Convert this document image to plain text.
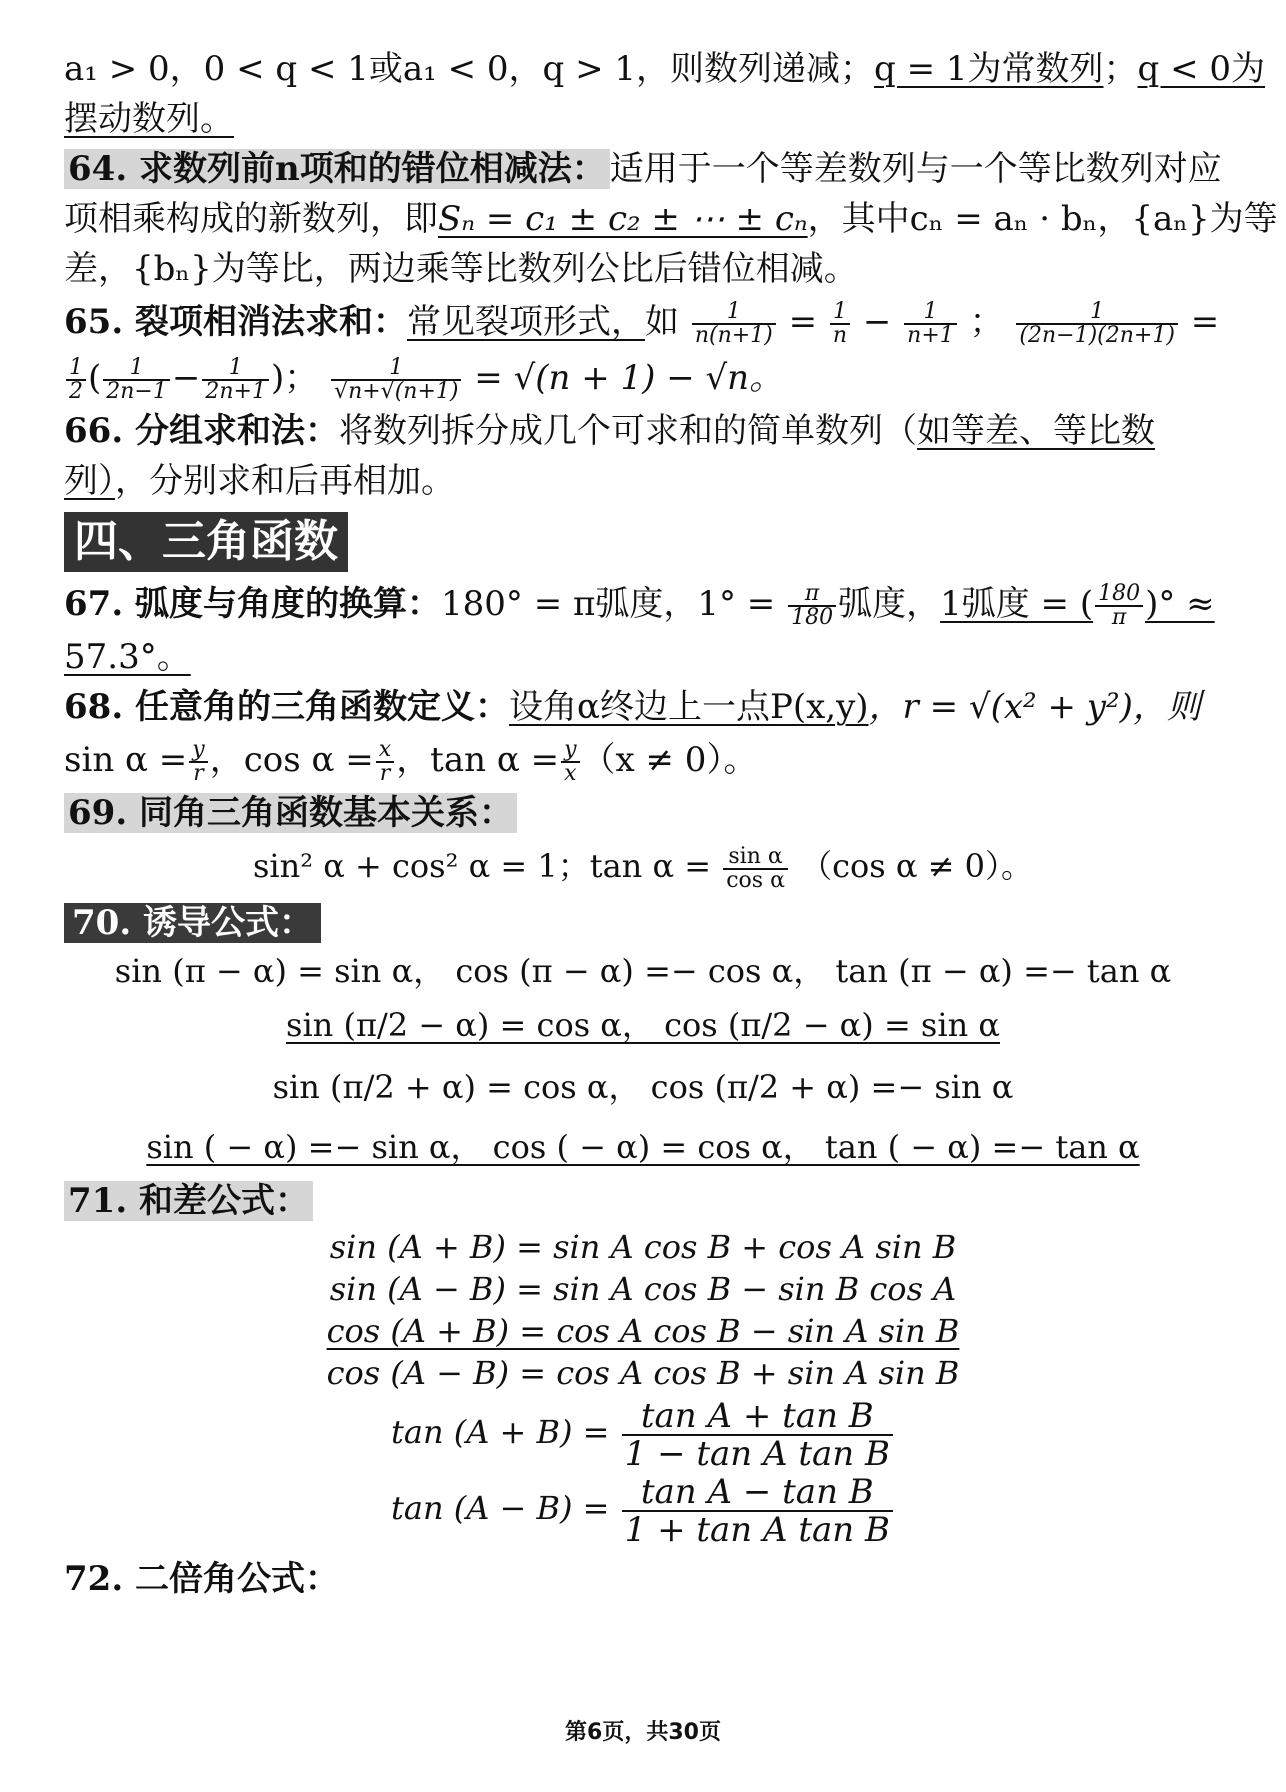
a₁ > 0，0 < q < 1或a₁ < 0，q > 1，则数列递减；q = 1为常数列；q < 0为
摆动数列。
64. 求数列前n项和的错位相减法： 适用于一个等差数列与一个等比数列对应
项相乘构成的新数列，即Sₙ = c₁ ± c₂ ± ⋯ ± cₙ，其中cₙ = aₙ · bₙ，{aₙ}为等
差，{bₙ}为等比，两边乘等比数列公比后错位相减。
65. 裂项相消法求和：常见裂项形式，如 $\frac{1}{n(n+1)} = \frac{1}{n} - \frac{1}{n+1}$ ； $\frac{1}{(2n-1)(2n+1)}$ =
$\frac{1}{2}$ ( $\frac{1}{2n-1} - \frac{1}{2n+1}$ )； $\frac{1}{√n+√(n+1)} = √(n + 1) - √n$。
66. 分组求和法：将数列拆分成几个可求和的简单数列（如等差、等比数
列），分别求和后再相加。
四、三角函数
67. 弧度与角度的换算：180° = π弧度，$1^\circ = \frac{\pi}{180}$ 弧度，1弧度 = ( $\frac{180}{\pi}$ )° ≈
57.3°。
68. 任意角的三角函数定义：设角α终边上一点P(x,y)，r = √(x² + y²)，则
$\sin \alpha = \frac{y}{r}$ ，$\cos \alpha = \frac{x}{r}$ ，$\tan \alpha = \frac{y}{x} (x \ne 0)$。
69. 同角三角函数基本关系：
sin² α + cos² α = 1；$\tan \alpha = \frac{\text{sin α}}{\text{cos α}} (\cos$ α ≠ 0）。
70. 诱导公式：
sin (π − α) = sin α， cos (π − α) =− cos α， tan (π − α) =− tan α
sin (π/2 − α) = cos α， cos (π/2 − α) = sin α
sin (π/2 + α) = cos α， cos (π/2 + α) =− sin α
sin ( − α) =− sin α， cos ( − α) = cos α， tan ( − α) =− tan α
71. 和差公式：
sin (A + B) = sin A cos B + cos A sin B
sin (A − B) = sin A cos B − sin B cos A
cos (A + B) = cos A cos B − sin A sin B
cos (A − B) = cos A cos B + sin A sin B
$\tan (A + B) = \frac{\text{tan A + tan B}}{\text{1 − tan A tan B}}$
$\tan (A - B) = \frac{\text{tan A − tan B}}{\text{1 + tan A tan B}}$
72. 二倍角公式：
第6页，共30页
